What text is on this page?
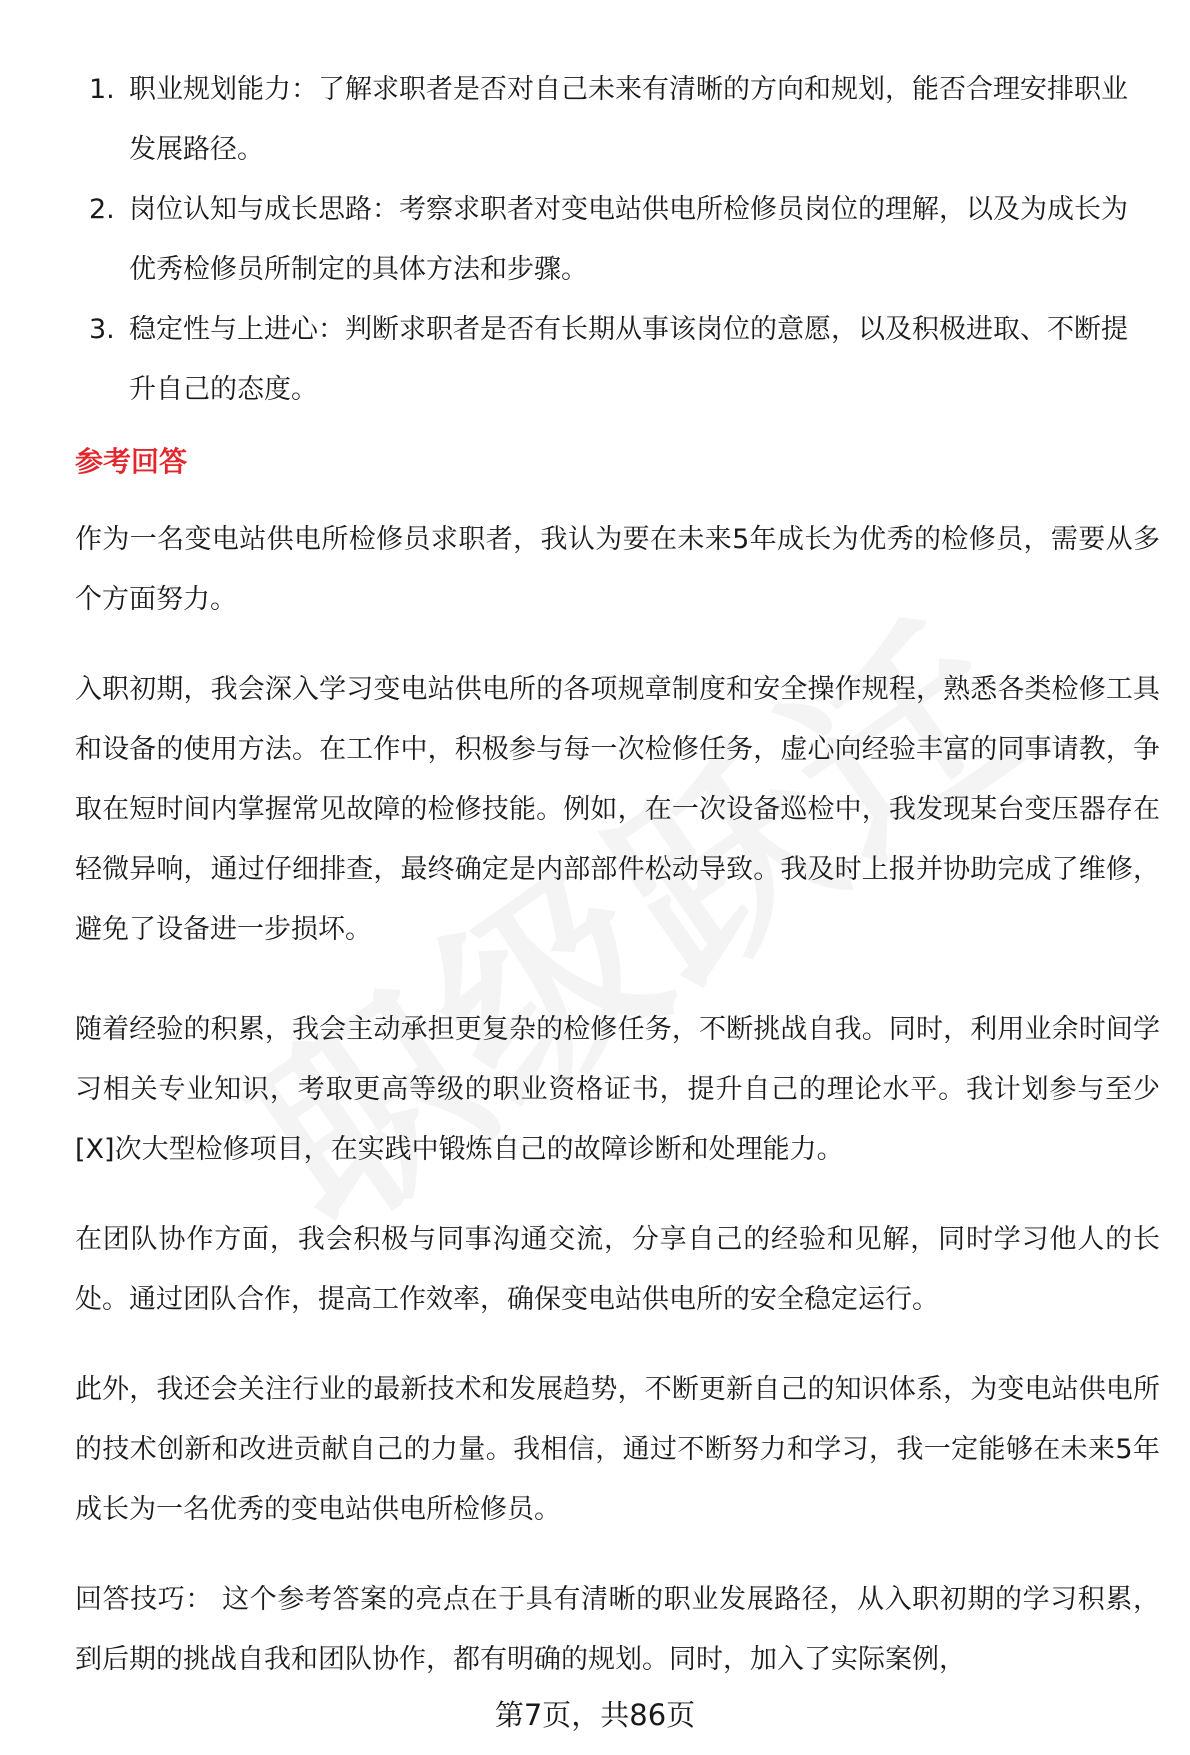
1. 职业规划能力：了解求职者是否对自己未来有清晰的方向和规划，能否合理安排职业发展路径。
2. 岗位认知与成长思路：考察求职者对变电站供电所检修员岗位的理解，以及为成长为优秀检修员所制定的具体方法和步骤。
3. 稳定性与上进心：判断求职者是否有长期从事该岗位的意愿，以及积极进取、不断提升自己的态度。
参考回答
作为一名变电站供电所检修员求职者，我认为要在未来5年成长为优秀的检修员，需要从多个方面努力。
入职初期，我会深入学习变电站供电所的各项规章制度和安全操作规程，熟悉各类检修工具和设备的使用方法。在工作中，积极参与每一次检修任务，虚心向经验丰富的同事请教，争取在短时间内掌握常见故障的检修技能。例如，在一次设备巡检中，我发现某台变压器存在轻微异响，通过仔细排查，最终确定是内部部件松动导致。我及时上报并协助完成了维修，避免了设备进一步损坏。
随着经验的积累，我会主动承担更复杂的检修任务，不断挑战自我。同时，利用业余时间学习相关专业知识，考取更高等级的职业资格证书，提升自己的理论水平。我计划参与至少[X]次大型检修项目，在实践中锻炼自己的故障诊断和处理能力。
在团队协作方面，我会积极与同事沟通交流，分享自己的经验和见解，同时学习他人的长处。通过团队合作，提高工作效率，确保变电站供电所的安全稳定运行。
此外，我还会关注行业的最新技术和发展趋势，不断更新自己的知识体系，为变电站供电所的技术创新和改进贡献自己的力量。我相信，通过不断努力和学习，我一定能够在未来5年成长为一名优秀的变电站供电所检修员。
回答技巧： 这个参考答案的亮点在于具有清晰的职业发展路径，从入职初期的学习积累，到后期的挑战自我和团队协作，都有明确的规划。同时，加入了实际案例，
第7页，共86页
